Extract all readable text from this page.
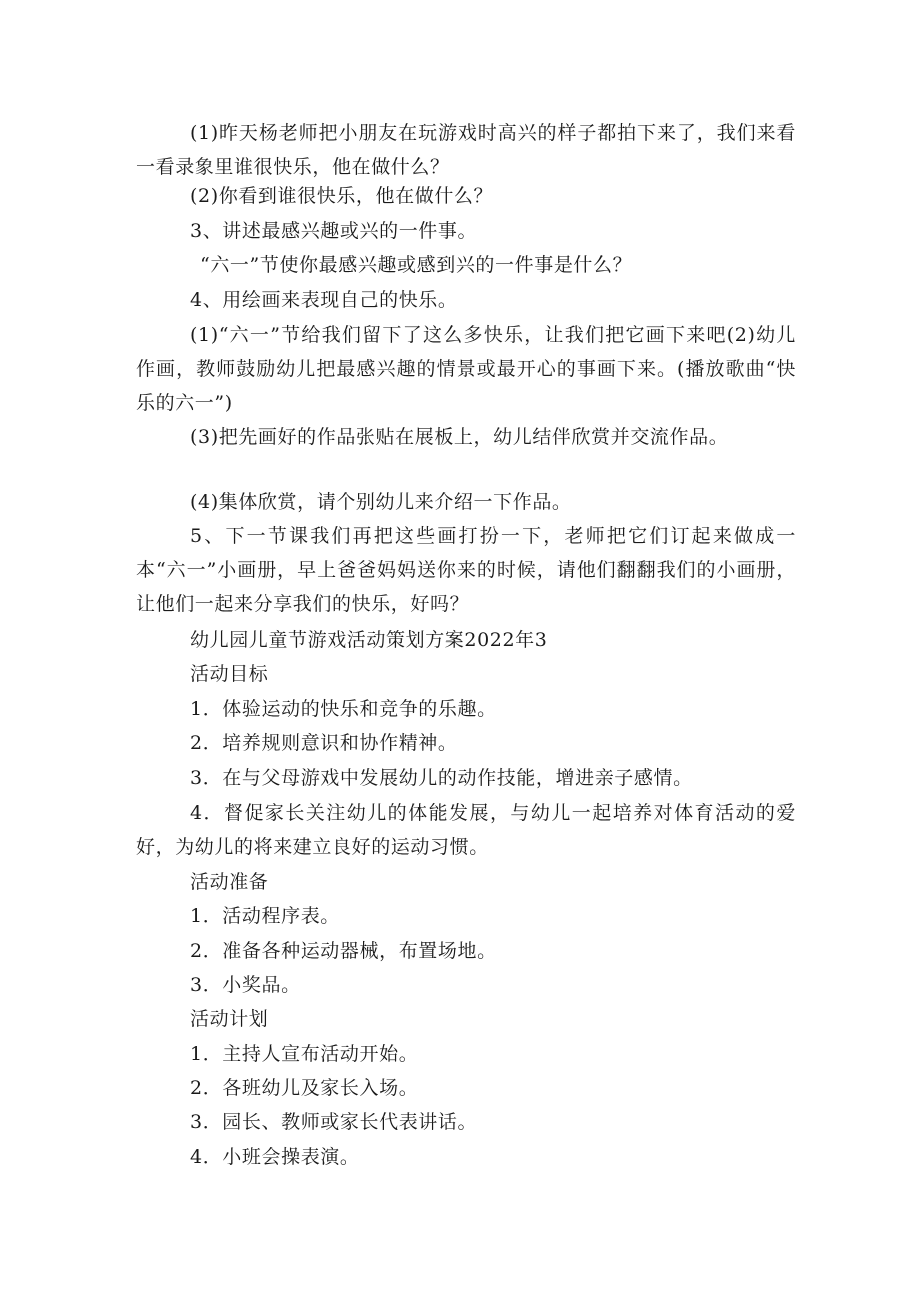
(1)昨天杨老师把小朋友在玩游戏时高兴的样子都拍下来了，我们来看一看录象里谁很快乐，他在做什么？
(2)你看到谁很快乐，他在做什么？
3、讲述最感兴趣或兴的一件事。
“六一”节使你最感兴趣或感到兴的一件事是什么？
4、用绘画来表现自己的快乐。
(1)“六一”节给我们留下了这么多快乐，让我们把它画下来吧(2)幼儿作画，教师鼓励幼儿把最感兴趣的情景或最开心的事画下来。(播放歌曲“快乐的六一”)
(3)把先画好的作品张贴在展板上，幼儿结伴欣赏并交流作品。
(4)集体欣赏，请个别幼儿来介绍一下作品。
5、下一节课我们再把这些画打扮一下，老师把它们订起来做成一本“六一”小画册，早上爸爸妈妈送你来的时候，请他们翻翻我们的小画册，让他们一起来分享我们的快乐，好吗？
幼儿园儿童节游戏活动策划方案2022年3
活动目标
1．体验运动的快乐和竞争的乐趣。
2．培养规则意识和协作精神。
3．在与父母游戏中发展幼儿的动作技能，增进亲子感情。
4．督促家长关注幼儿的体能发展，与幼儿一起培养对体育活动的爱好，为幼儿的将来建立良好的运动习惯。
活动准备
1．活动程序表。
2．准备各种运动器械，布置场地。
3．小奖品。
活动计划
1．主持人宣布活动开始。
2．各班幼儿及家长入场。
3．园长、教师或家长代表讲话。
4．小班会操表演。
